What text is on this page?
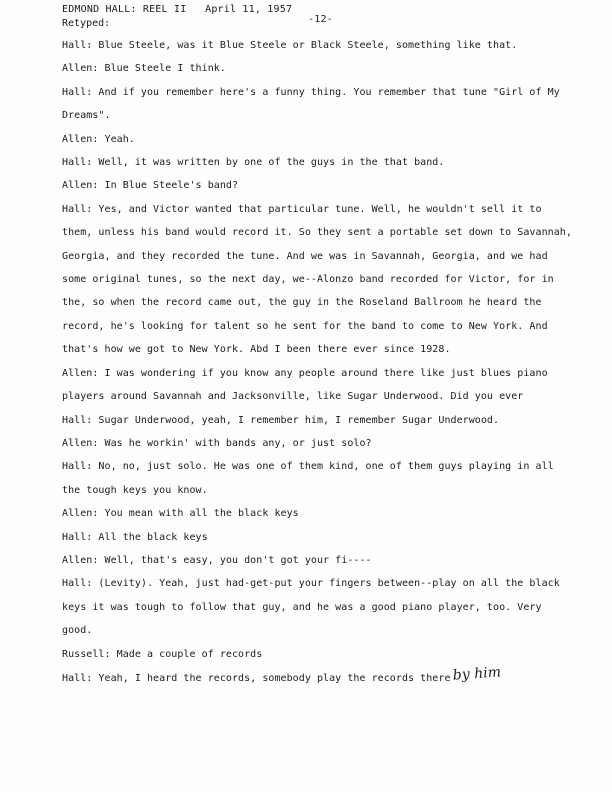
EDMOND HALL: REEL II April 11, 1957
-12-
Retyped:
Hall: Blue Steele, was it Blue Steele or Black Steele, something like that.
Allen: Blue Steele I think.
Hall: And if you remember here's a funny thing. You remember that tune "Girl of My Dreams".
Allen: Yeah.
Hall: Well, it was written by one of the guys in the that band.
Allen: In Blue Steele's band?
Hall: Yes, and Victor wanted that particular tune. Well, he wouldn't sell it to them, unless his band would record it. So they sent a portable set down to Savannah, Georgia, and they recorded the tune. And we was in Savannah, Georgia, and we had some original tunes, so the next day, we--Alonzo band recorded for Victor, for in the, so when the record came out, the guy in the Roseland Ballroom he heard the record, he's looking for talent so he sent for the band to come to New York. And that's how we got to New York. Abd I been there ever since 1928.
Allen: I was wondering if you know any people around there like just blues piano players around Savannah and Jacksonville, like Sugar Underwood. Did you ever
Hall: Sugar Underwood, yeah, I remember him, I remember Sugar Underwood.
Allen: Was he workin' with bands any, or just solo?
Hall: No, no, just solo. He was one of them kind, one of them guys playing in all the tough keys you know.
Allen: You mean with all the black keys
Hall: All the black keys
Allen: Well, that's easy, you don't got your fi----
Hall: (Levity). Yeah, just had-get-put your fingers between--play on all the black keys it was tough to follow that guy, and he was a good piano player, too. Very good.
Russell: Made a couple of records
Hall: Yeah, I heard the records, somebody play the records thereby him
